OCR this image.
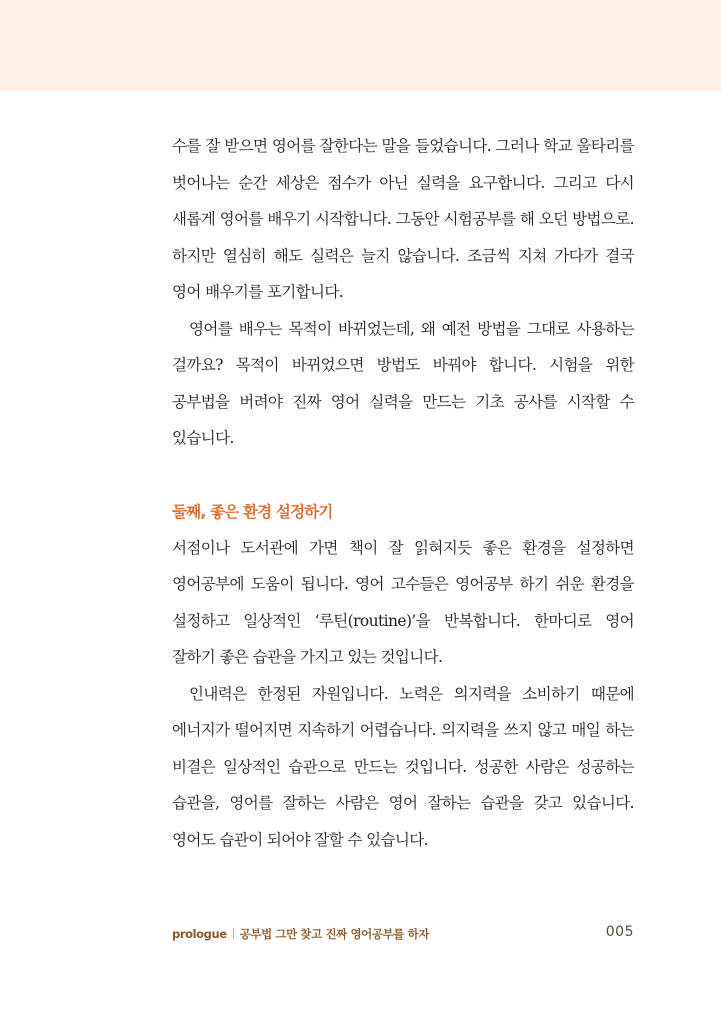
수를 잘 받으면 영어를 잘한다는 말을 들었습니다. 그러나 학교 울타리를 벗어나는 순간 세상은 점수가 아닌 실력을 요구합니다. 그리고 다시 새롭게 영어를 배우기 시작합니다. 그동안 시험공부를 해 오던 방법으로. 하지만 열심히 해도 실력은 늘지 않습니다. 조금씩 지쳐 가다가 결국 영어 배우기를 포기합니다.

영어를 배우는 목적이 바뀌었는데, 왜 예전 방법을 그대로 사용하는 걸까요? 목적이 바뀌었으면 방법도 바꿔야 합니다. 시험을 위한 공부법을 버려야 진짜 영어 실력을 만드는 기초 공사를 시작할 수 있습니다.

둘째, 좋은 환경 설정하기

서점이나 도서관에 가면 책이 잘 읽혀지듯 좋은 환경을 설정하면 영어공부에 도움이 됩니다. 영어 고수들은 영어공부 하기 쉬운 환경을 설정하고 일상적인 ‘루틴(routine)’을 반복합니다. 한마디로 영어 잘하기 좋은 습관을 가지고 있는 것입니다.

인내력은 한정된 자원입니다. 노력은 의지력을 소비하기 때문에 에너지가 떨어지면 지속하기 어렵습니다. 의지력을 쓰지 않고 매일 하는 비결은 일상적인 습관으로 만드는 것입니다. 성공한 사람은 성공하는 습관을, 영어를 잘하는 사람은 영어 잘하는 습관을 갖고 있습니다. 영어도 습관이 되어야 잘할 수 있습니다.

prologue 공부법 그만 찾고 진짜 영어공부를 하자	005
